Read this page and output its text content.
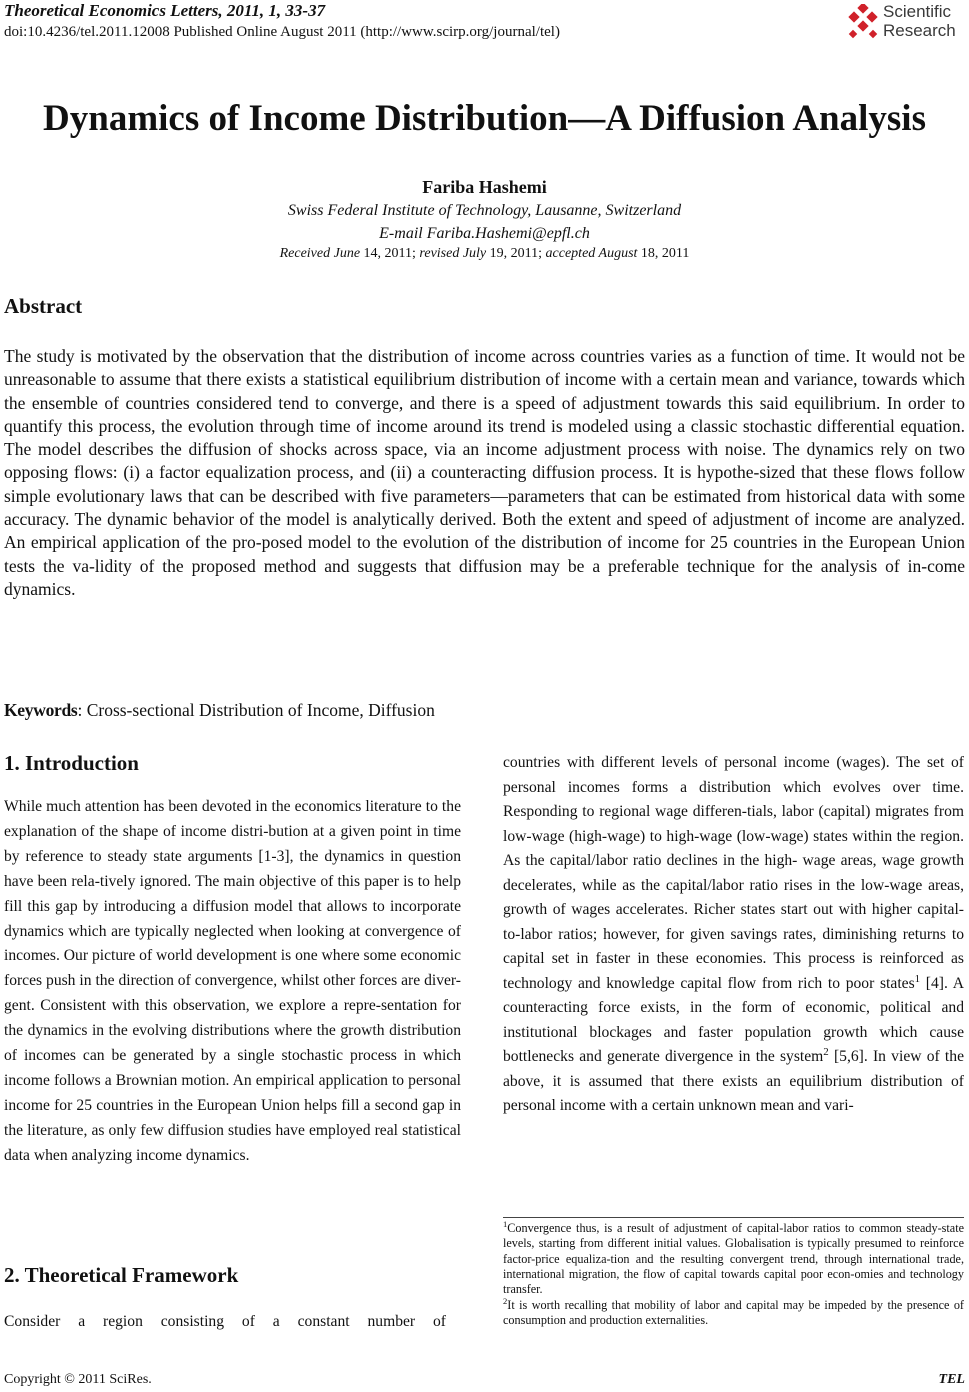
Theoretical Economics Letters, 2011, 1, 33-37
doi:10.4236/tel.2011.12008 Published Online August 2011 (http://www.scirp.org/journal/tel)
Scientific
Research
Dynamics of Income Distribution—A Diffusion Analysis
Fariba Hashemi
Swiss Federal Institute of Technology, Lausanne, Switzerland
E-mail Fariba.Hashemi@epfl.ch
Received June 14, 2011; revised July 19, 2011; accepted August 18, 2011
Abstract
The study is motivated by the observation that the distribution of income across countries varies as a function of time. It would not be unreasonable to assume that there exists a statistical equilibrium distribution of income with a certain mean and variance, towards which the ensemble of countries considered tend to converge, and there is a speed of adjustment towards this said equilibrium. In order to quantify this process, the evolution through time of income around its trend is modeled using a classic stochastic differential equation. The model describes the diffusion of shocks across space, via an income adjustment process with noise. The dynamics rely on two opposing flows: (i) a factor equalization process, and (ii) a counteracting diffusion process. It is hypothe-sized that these flows follow simple evolutionary laws that can be described with five parameters—parameters that can be estimated from historical data with some accuracy. The dynamic behavior of the model is analytically derived. Both the extent and speed of adjustment of income are analyzed. An empirical application of the pro-posed model to the evolution of the distribution of income for 25 countries in the European Union tests the va-lidity of the proposed method and suggests that diffusion may be a preferable technique for the analysis of in-come dynamics.
Keywords: Cross-sectional Distribution of Income, Diffusion
1. Introduction
While much attention has been devoted in the economics literature to the explanation of the shape of income distri-bution at a given point in time by reference to steady state arguments [1-3], the dynamics in question have been rela-tively ignored. The main objective of this paper is to help fill this gap by introducing a diffusion model that allows to incorporate dynamics which are typically neglected when looking at convergence of incomes. Our picture of world development is one where some economic forces push in the direction of convergence, whilst other forces are diver-gent. Consistent with this observation, we explore a repre-sentation for the dynamics in the evolving distributions where the growth distribution of incomes can be generated by a single stochastic process in which income follows a Brownian motion. An empirical application to personal income for 25 countries in the European Union helps fill a second gap in the literature, as only few diffusion studies have employed real statistical data when analyzing income dynamics.
2. Theoretical Framework
Consider a region consisting of a constant number of
countries with different levels of personal income (wages). The set of personal incomes forms a distribution which evolves over time. Responding to regional wage differen-tials, labor (capital) migrates from low-wage (high-wage) to high-wage (low-wage) states within the region. As the capital/labor ratio declines in the high- wage areas, wage growth decelerates, while as the capital/labor ratio rises in the low-wage areas, growth of wages accelerates. Richer states start out with higher capital-to-labor ratios; however, for given savings rates, diminishing returns to capital set in faster in these economies. This process is reinforced as technology and knowledge capital flow from rich to poor states$^1$ [4]. A counteracting force exists, in the form of economic, political and institutional blockages and faster population growth which cause bottlenecks and generate divergence in the system$^2$ [5,6]. In view of the above, it is assumed that there exists an equilibrium distribution of personal income with a certain unknown mean and vari-
$^1$Convergence thus, is a result of adjustment of capital-labor ratios to common steady-state levels, starting from different initial values. Globalisation is typically presumed to reinforce factor-price equaliza-tion and the resulting convergent trend, through international trade, international migration, the flow of capital towards capital poor econ-omies and technology transfer.
$^2$It is worth recalling that mobility of labor and capital may be impeded by the presence of consumption and production externalities.
Copyright © 2011 SciRes.	TEL
